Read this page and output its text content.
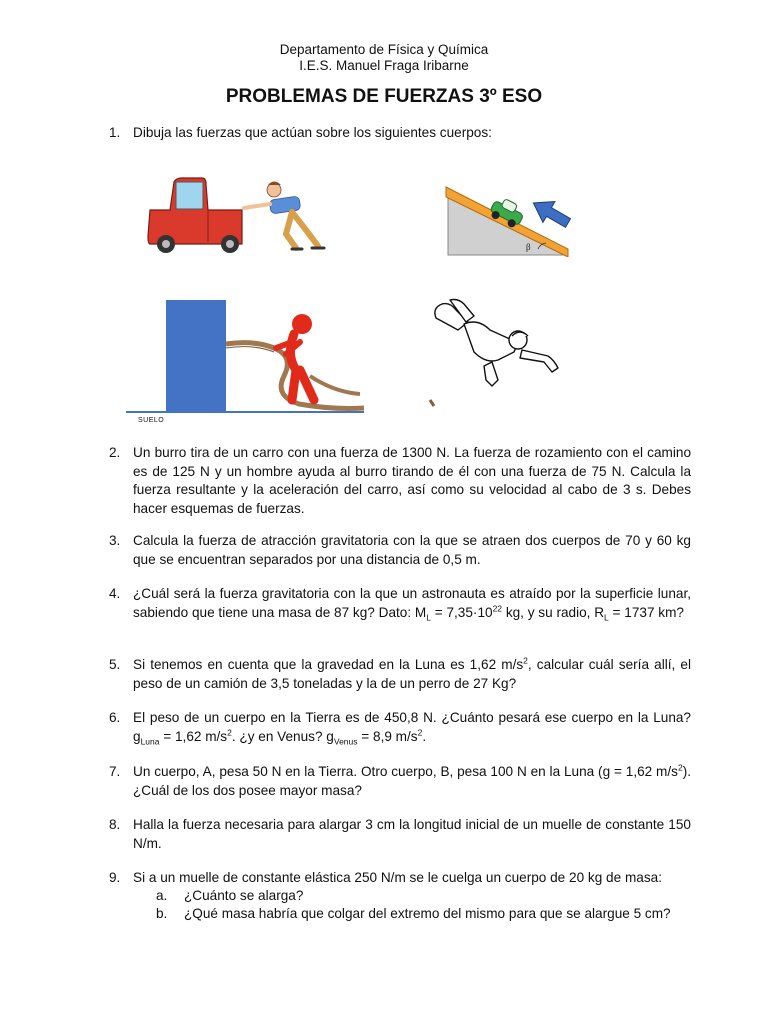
Departamento de Física y Química
I.E.S. Manuel Fraga Iribarne
PROBLEMAS DE FUERZAS 3º ESO
1. Dibuja las fuerzas que actúan sobre los siguientes cuerpos:
β
SUELO
2. Un burro tira de un carro con una fuerza de 1300 N. La fuerza de rozamiento con el camino es de 125 N y un hombre ayuda al burro tirando de él con una fuerza de 75 N. Calcula la fuerza resultante y la aceleración del carro, así como su velocidad al cabo de 3 s. Debes hacer esquemas de fuerzas.
3. Calcula la fuerza de atracción gravitatoria con la que se atraen dos cuerpos de 70 y 60 kg que se encuentran separados por una distancia de 0,5 m.
4. ¿Cuál será la fuerza gravitatoria con la que un astronauta es atraído por la superficie lunar, sabiendo que tiene una masa de 87 kg? Dato: $M_L = 7,35\cdot 10^{22}$ kg, y su radio, $R_L = 1737$ km?
5. Si tenemos en cuenta que la gravedad en la Luna es 1,62 $m/s^2$, calcular cuál sería allí, el peso de un camión de 3,5 toneladas y la de un perro de 27 Kg?
6. El peso de un cuerpo en la Tierra es de 450,8 N. ¿Cuánto pesará ese cuerpo en la Luna? $g_{Luna} = 1,62$ $m/s^2$. ¿y en Venus? $g_{Venus} = 8,9$ $m/s^2$.
7. Un cuerpo, A, pesa 50 N en la Tierra. Otro cuerpo, B, pesa 100 N en la Luna (g = 1,62 $m/s^2$). ¿Cuál de los dos posee mayor masa?
8. Halla la fuerza necesaria para alargar 3 cm la longitud inicial de un muelle de constante 150 N/m.
9. Si a un muelle de constante elástica 250 N/m se le cuelga un cuerpo de 20 kg de masa:
a. ¿Cuánto se alarga?
b. ¿Qué masa habría que colgar del extremo del mismo para que se alargue 5 cm?
